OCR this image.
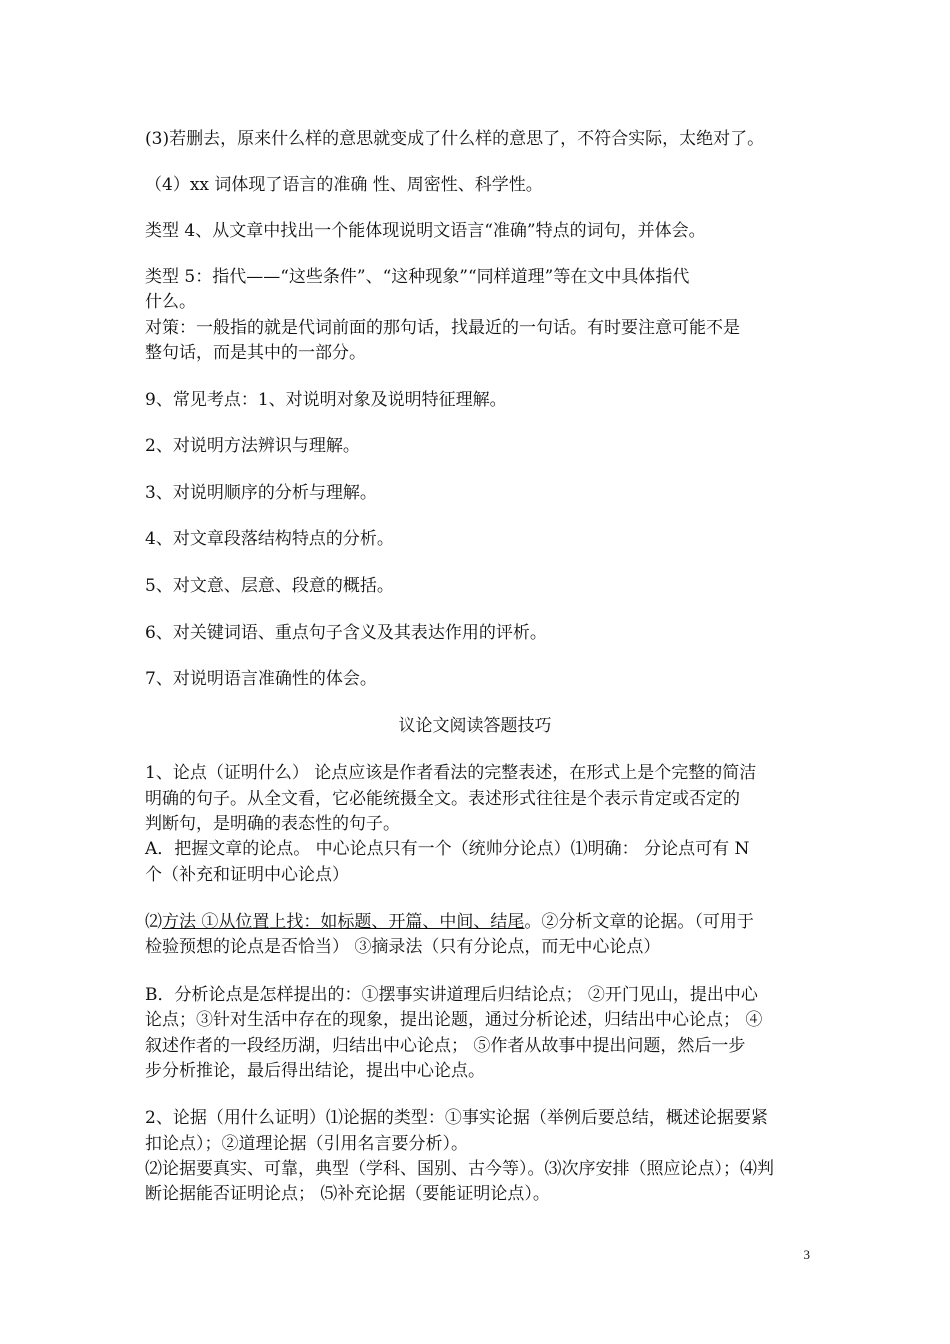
(3)若删去，原来什么样的意思就变成了什么样的意思了，不符合实际，太绝对了。
（4）xx 词体现了语言的准确 性、周密性、科学性。
类型 4、从文章中找出一个能体现说明文语言“准确”特点的词句，并体会。
类型 5：指代——“这些条件”、“这种现象”“同样道理”等在文中具体指代
什么。
对策：一般指的就是代词前面的那句话，找最近的一句话。有时要注意可能不是
整句话，而是其中的一部分。
9、常见考点：1、对说明对象及说明特征理解。
2、对说明方法辨识与理解。
3、对说明顺序的分析与理解。
4、对文章段落结构特点的分析。
5、对文意、层意、段意的概括。
6、对关键词语、重点句子含义及其表达作用的评析。
7、对说明语言准确性的体会。
议论文阅读答题技巧
1、论点（证明什么） 论点应该是作者看法的完整表述，在形式上是个完整的简洁
明确的句子。从全文看，它必能统摄全文。表述形式往往是个表示肯定或否定的
判断句，是明确的表态性的句子。
A．把握文章的论点。 中心论点只有一个（统帅分论点）⑴明确： 分论点可有 N
个（补充和证明中心论点）
⑵方法 ①从位置上找：如标题、开篇、中间、结尾。②分析文章的论据。（可用于
检验预想的论点是否恰当） ③摘录法（只有分论点，而无中心论点）
B．分析论点是怎样提出的：①摆事实讲道理后归结论点； ②开门见山，提出中心
论点；③针对生活中存在的现象，提出论题，通过分析论述，归结出中心论点； ④
叙述作者的一段经历湖，归结出中心论点； ⑤作者从故事中提出问题，然后一步
步分析推论，最后得出结论，提出中心论点。
2、论据（用什么证明）⑴论据的类型：①事实论据（举例后要总结，概述论据要紧
扣论点）；②道理论据（引用名言要分析）。
⑵论据要真实、可靠，典型（学科、国别、古今等）。⑶次序安排（照应论点）；⑷判
断论据能否证明论点； ⑸补充论据（要能证明论点）。
3
